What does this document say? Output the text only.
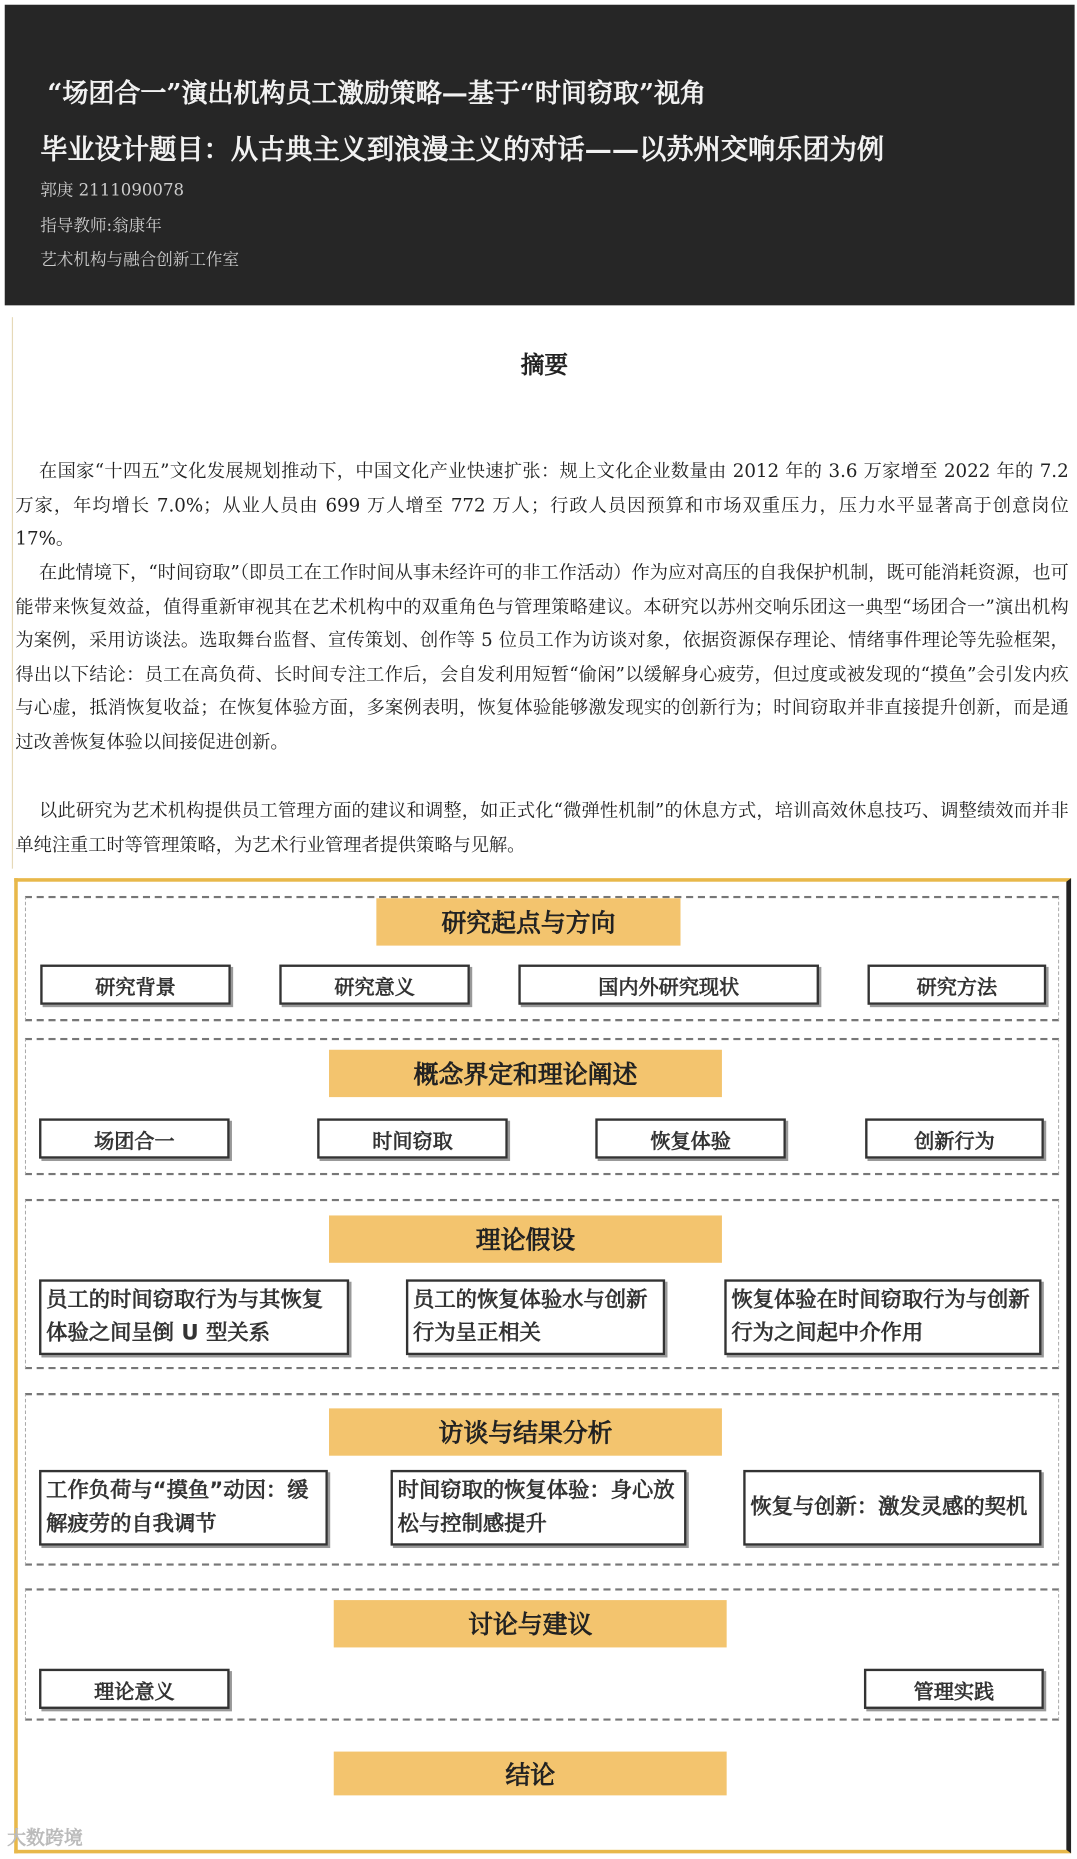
“场团合一”演出机构员工激励策略—基于“时间窃取”视角
毕业设计题目：从古典主义到浪漫主义的对话——以苏州交响乐团为例
郭庚 2111090078
指导教师:翁康年
艺术机构与融合创新工作室
摘要
在国家“十四五”文化发展规划推动下，中国文化产业快速扩张：规上文化企业数量由 2012 年的 3.6 万家增至 2022 年的 7.2 万家，年均增长 7.0%；从业人员由 699 万人增至 772 万人；行政人员因预算和市场双重压力，压力水平显著高于创意岗位17%。
在此情境下，“时间窃取”（即员工在工作时间从事未经许可的非工作活动）作为应对高压的自我保护机制，既可能消耗资源，也可能带来恢复效益，值得重新审视其在艺术机构中的双重角色与管理策略建议。本研究以苏州交响乐团这一典型“场团合一”演出机构为案例，采用访谈法。选取舞台监督、宣传策划、创作等 5 位员工作为访谈对象，依据资源保存理论、情绪事件理论等先验框架，得出以下结论：员工在高负荷、长时间专注工作后，会自发利用短暂“偷闲”以缓解身心疲劳，但过度或被发现的“摸鱼”会引发内疚与心虚，抵消恢复收益；在恢复体验方面，多案例表明，恢复体验能够激发现实的创新行为；时间窃取并非直接提升创新，而是通过改善恢复体验以间接促进创新。
以此研究为艺术机构提供员工管理方面的建议和调整，如正式化“微弹性机制”的休息方式，培训高效休息技巧、调整绩效而并非单纯注重工时等管理策略，为艺术行业管理者提供策略与见解。
研究起点与方向
研究背景	研究意义	国内外研究现状	研究方法
概念界定和理论阐述
场团合一	时间窃取	恢复体验	创新行为
理论假设
员工的时间窃取行为与其恢复体验之间呈倒 U 型关系
员工的恢复体验水与创新行为呈正相关
恢复体验在时间窃取行为与创新行为之间起中介作用
访谈与结果分析
工作负荷与“摸鱼”动因：缓解疲劳的自我调节
时间窃取的恢复体验：身心放松与控制感提升
恢复与创新：激发灵感的契机
讨论与建议
理论意义	管理实践
结论
大数跨境
